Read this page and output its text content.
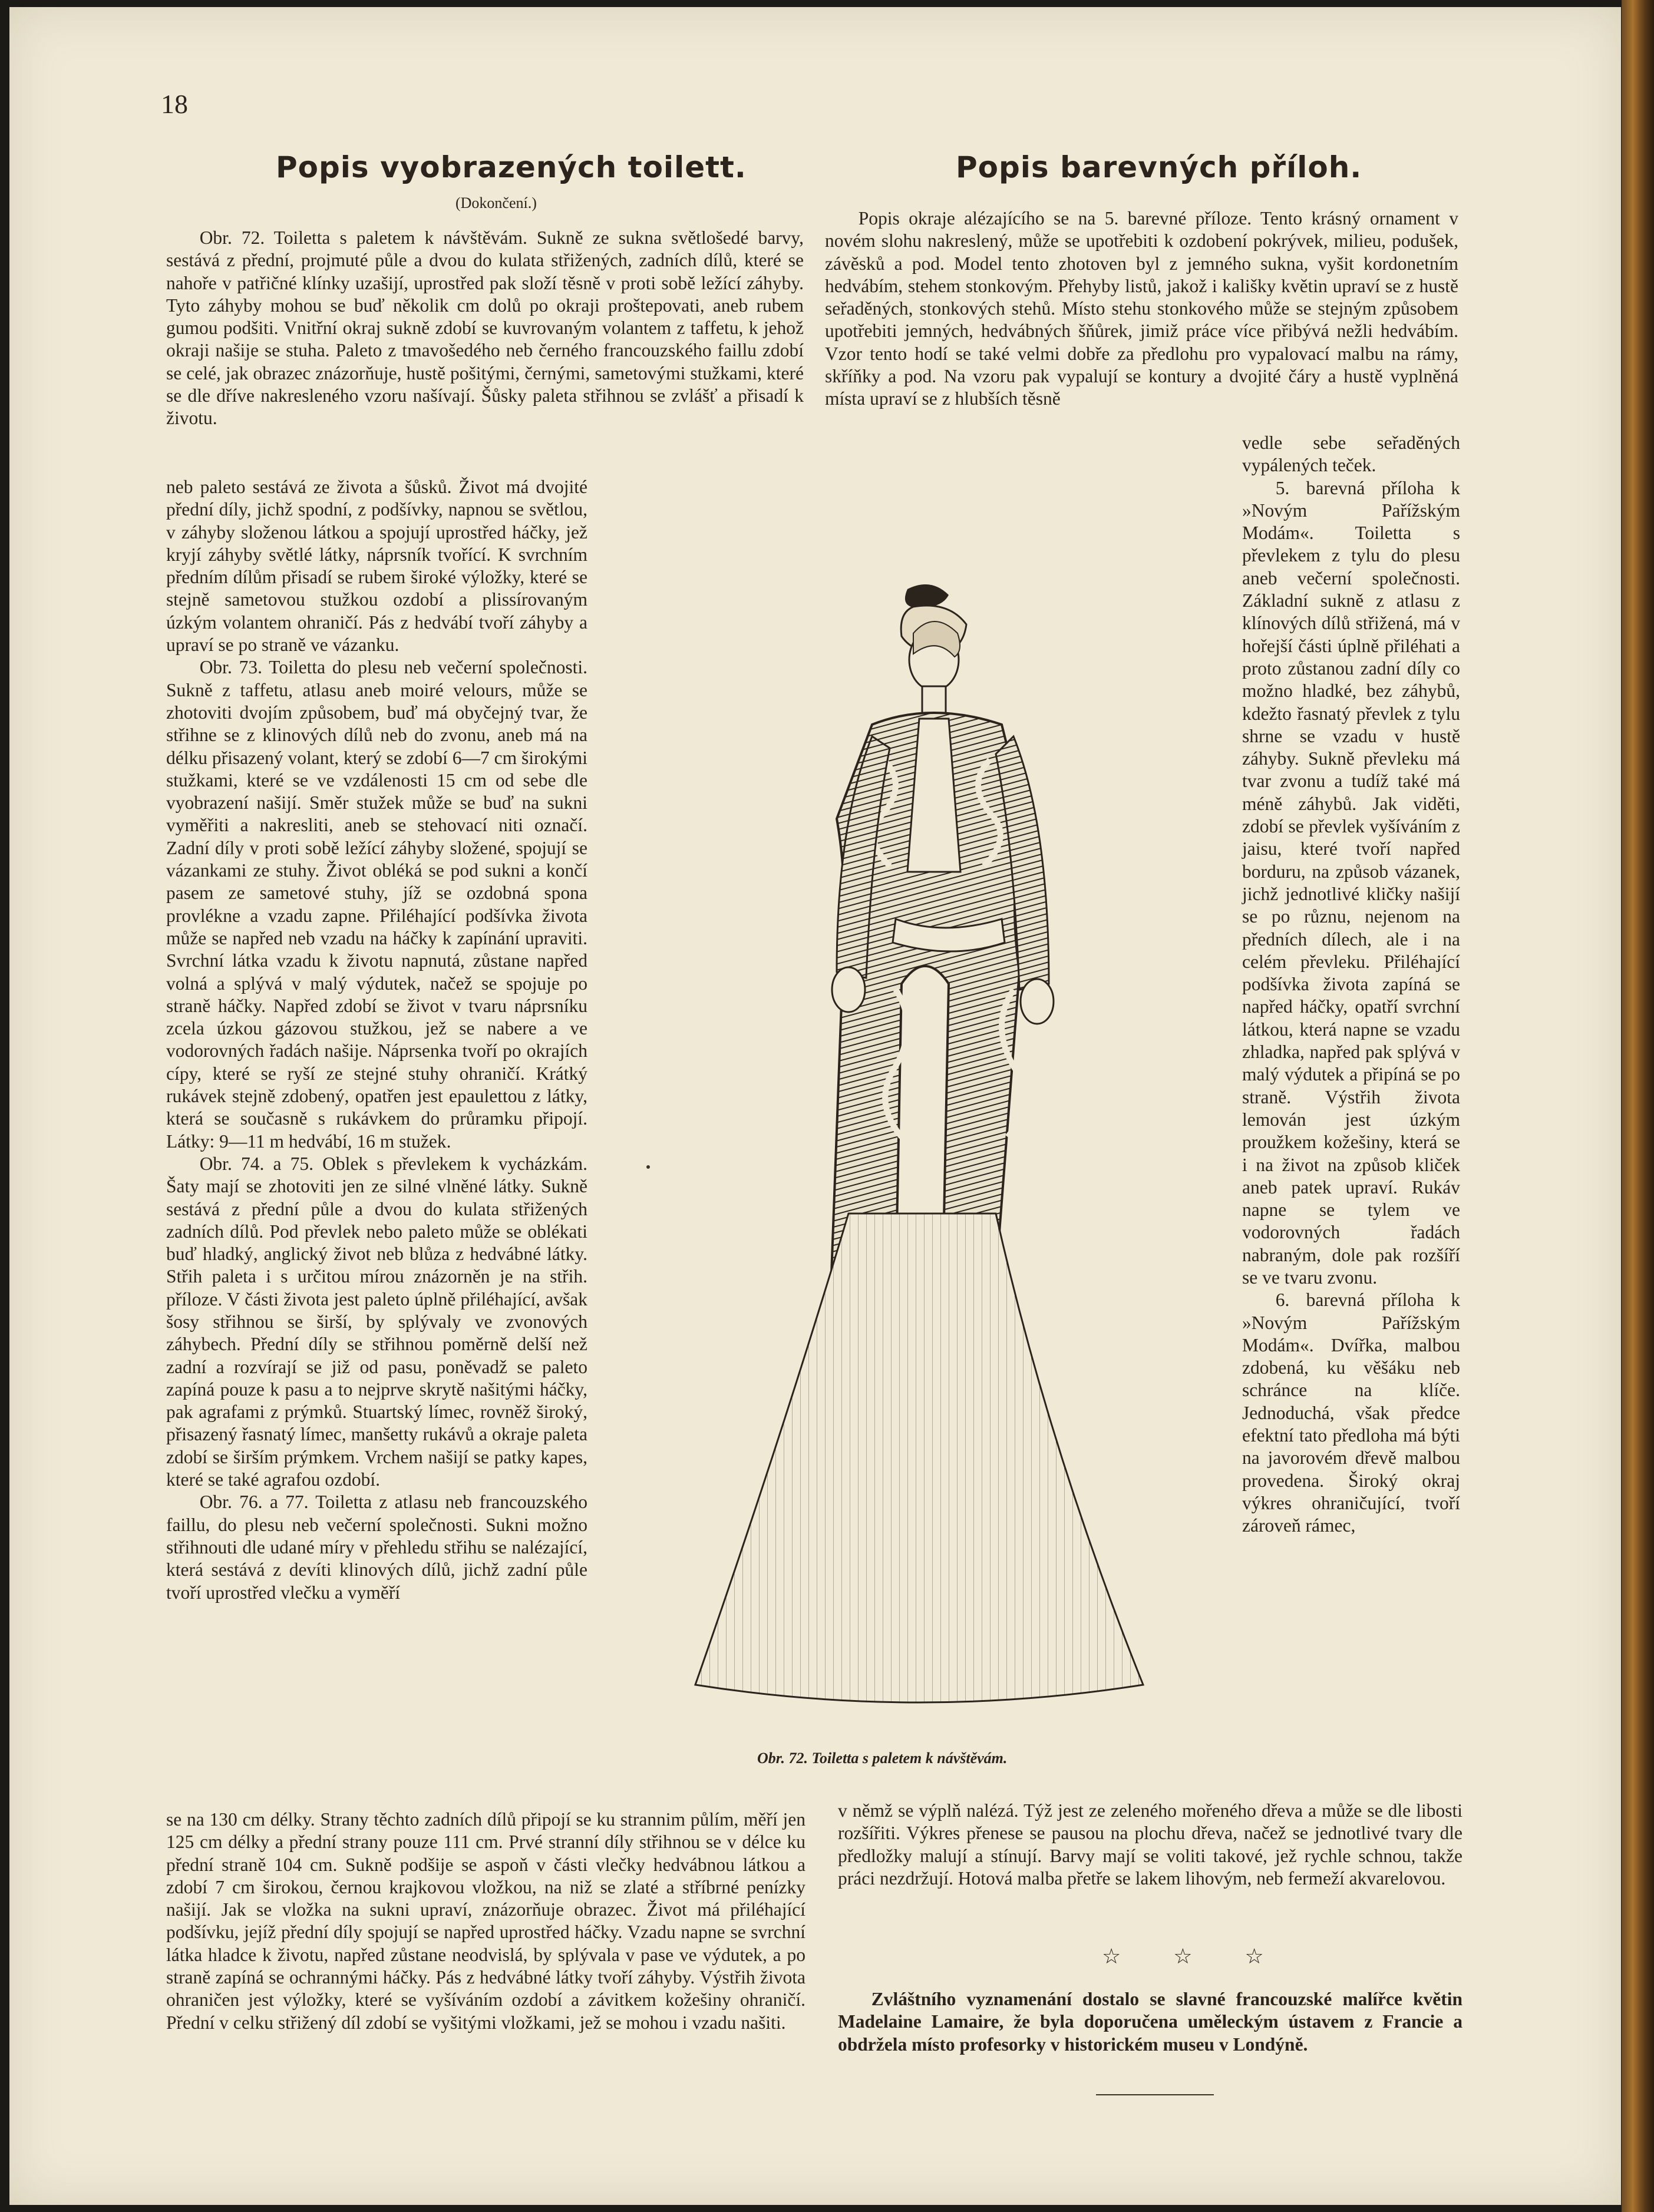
18
Popis vyobrazených toilett.
(Dokončení.)

Obr. 72. Toiletta s paletem k návštěvám. Sukně ze sukna světlošedé barvy, sestává z přední, projmuté půle a dvou do kulata střižených, zadních dílů, které se nahoře v patřičné klínky uzašijí, uprostřed pak složí těsně v proti sobě ležící záhyby. Tyto záhyby mohou se buď několik cm dolů po okraji proštepovati, aneb rubem gumou podšiti. Vnitřní okraj sukně zdobí se kuvrovaným volantem z taffetu, k jehož okraji našije se stuha. Paleto z tmavošedého neb černého francouzského faillu zdobí se celé, jak obrazec znázorňuje, hustě pošitými, černými, sametovými stužkami, které se dle dříve nakresleného vzoru našívají. Šůsky paleta střihnou se zvlášť a přisadí k životu.

neb paleto sestává ze života a šůsků. Život má dvojité přední díly, jichž spodní, z podšívky, napnou se světlou, v záhyby složenou látkou a spojují uprostřed háčky, jež kryjí záhyby světlé látky, náprsník tvořící. K svrchním předním dílům přisadí se rubem široké výložky, které se stejně sametovou stužkou ozdobí a plissírovaným úzkým volantem ohraničí. Pás z hedvábí tvoří záhyby a upraví se po straně ve vázanku.

Obr. 73. Toiletta do plesu neb večerní společnosti. Sukně z taffetu, atlasu aneb moiré velours, může se zhotoviti dvojím způsobem, buď má obyčejný tvar, že střihne se z klinových dílů neb do zvonu, aneb má na délku přisazený volant, který se zdobí 6—7 cm širokými stužkami, které se ve vzdálenosti 15 cm od sebe dle vyobrazení našijí. Směr stužek může se buď na sukni vyměřiti a nakresliti, aneb se stehovací niti označí. Zadní díly v proti sobě ležící záhyby složené, spojují se vázankami ze stuhy. Život obléká se pod sukni a končí pasem ze sametové stuhy, jíž se ozdobná spona provlékne a vzadu zapne. Přiléhající podšívka života může se napřed neb vzadu na háčky k zapínání upraviti. Svrchní látka vzadu k životu napnutá, zůstane napřed volná a splývá v malý výdutek, načež se spojuje po straně háčky. Napřed zdobí se život v tvaru náprsníku zcela úzkou gázovou stužkou, jež se nabere a ve vodorovných řadách našije. Náprsenka tvoří po okrajích cípy, které se ryší ze stejné stuhy ohraničí. Krátký rukávek stejně zdobený, opatřen jest epaulettou z látky, která se současně s rukávkem do průramku připojí. Látky: 9—11 m hedvábí, 16 m stužek.

Obr. 74. a 75. Oblek s převlekem k vycházkám. Šaty mají se zhotoviti jen ze silné vlněné látky. Sukně sestává z přední půle a dvou do kulata střižených zadních dílů. Pod převlek nebo paleto může se oblékati buď hladký, anglický život neb blůza z hedvábné látky. Střih paleta i s určitou mírou znázorněn je na střih. příloze. V části života jest paleto úplně přiléhající, avšak šosy střihnou se širší, by splývaly ve zvonových záhybech. Přední díly se střihnou poměrně delší než zadní a rozvírají se již od pasu, poněvadž se paleto zapíná pouze k pasu a to nejprve skrytě našitými háčky, pak agrafami z prýmků. Stuartský límec, rovněž široký, přisazený řasnatý límec, manšetty rukávů a okraje paleta zdobí se širším prýmkem. Vrchem našijí se patky kapes, které se také agrafou ozdobí.

Obr. 76. a 77. Toiletta z atlasu neb francouzského faillu, do plesu neb večerní společnosti. Sukni možno střihnouti dle udané míry v přehledu střihu se nalézající, která sestává z devíti klinových dílů, jichž zadní půle tvoří uprostřed vlečku a vyměří

se na 130 cm délky. Strany těchto zadních dílů připojí se ku strannim půlím, měří jen 125 cm délky a přední strany pouze 111 cm. Prvé stranní díly střihnou se v délce ku přední straně 104 cm. Sukně podšije se aspoň v části vlečky hedvábnou látkou a zdobí 7 cm širokou, černou krajkovou vložkou, na niž se zlaté a stříbrné penízky našijí. Jak se vložka na sukni upraví, znázorňuje obrazec. Život má přiléhající podšívku, jejíž přední díly spojují se napřed uprostřed háčky. Vzadu napne se svrchní látka hladce k životu, napřed zůstane neodvislá, by splývala v pase ve výdutek, a po straně zapíná se ochrannými háčky. Pás z hedvábné látky tvoří záhyby. Výstřih života ohraničen jest výložky, které se vyšíváním ozdobí a závitkem kožešiny ohraničí. Přední v celku střižený díl zdobí se vyšitými vložkami, jež se mohou i vzadu našiti.

Popis barevných příloh.

Popis okraje alézajícího se na 5. barevné příloze. Tento krásný ornament v novém slohu nakreslený, může se upotřebiti k ozdobení pokrývek, milieu, podušek, závěsků a pod. Model tento zhotoven byl z jemného sukna, vyšit kordonetním hedvábím, stehem stonkovým. Přehyby listů, jakož i kališky květin upraví se z hustě seřaděných, stonkových stehů. Místo stehu stonkového může se stejným způsobem upotřebiti jemných, hedvábných šňůrek, jimiž práce více přibývá nežli hedvábím. Vzor tento hodí se také velmi dobře za předlohu pro vypalovací malbu na rámy, skříňky a pod. Na vzoru pak vypalují se kontury a dvojité čáry a hustě vyplněná místa upraví se z hlubších těsně

vedle sebe seřaděných vypálených teček.

5. barevná příloha k »Novým Pařížským Modám«. Toiletta s převlekem z tylu do plesu aneb večerní společnosti. Základní sukně z atlasu z klínových dílů střižená, má v hořejší části úplně přiléhati a proto zůstanou zadní díly co možno hladké, bez záhybů, kdežto řasnatý převlek z tylu shrne se vzadu v hustě záhyby. Sukně převleku má tvar zvonu a tudíž také má méně záhybů. Jak viděti, zdobí se převlek vyšíváním z jaisu, které tvoří napřed borduru, na způsob vázanek, jichž jednotlivé kličky našijí se po různu, nejenom na předních dílech, ale i na celém převleku. Přiléhající podšívka života zapíná se napřed háčky, opatří svrchní látkou, která napne se vzadu zhladka, napřed pak splývá v malý výdutek a připíná se po straně. Výstřih života lemován jest úzkým proužkem kožešiny, která se i na život na způsob kliček aneb patek upraví. Rukáv napne se tylem ve vodorovných řadách nabraným, dole pak rozšíří se ve tvaru zvonu.

6. barevná příloha k »Novým Pařížským Modám«. Dvířka, malbou zdobená, ku věšáku neb schránce na klíče. Jednoduchá, však předce efektní tato předloha má býti na javorovém dřevě malbou provedena. Široký okraj výkres ohraničující, tvoří zároveň rámec,

v němž se výplň nalézá. Týž jest ze zeleného mořeného dřeva a může se dle libosti rozšířiti. Výkres přenese se pausou na plochu dřeva, načež se jednotlivé tvary dle předložky malují a stínují. Barvy mají se voliti takové, jež rychle schnou, takže práci nezdržují. Hotová malba přetře se lakem lihovým, neb fermeží akvarelovou.

☆ ☆ ☆

Zvláštního vyznamenání dostalo se slavné francouzské malířce květin Madelaine Lamaire, že byla doporučena uměleckým ústavem z Francie a obdržela místo profesorky v historickém museu v Londýně.

Obr. 72. Toiletta s paletem k návštěvám.
